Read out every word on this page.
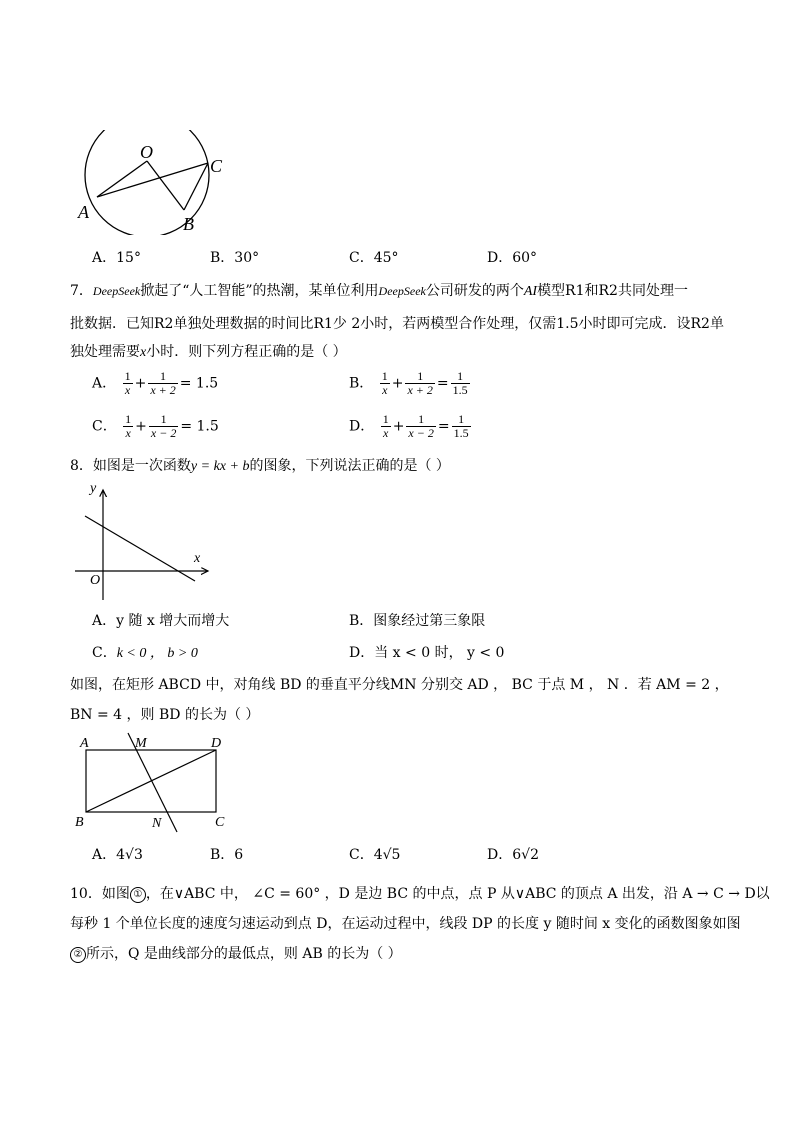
O
C
A
B
A．15°	B．30°	C．45°	D．60°
7．DeepSeek掀起了“人工智能”的热潮，某单位利用DeepSeek公司研发的两个AI模型R1和R2共同处理一
批数据．已知R2单独处理数据的时间比R1少 2小时，若两模型合作处理，仅需1.5小时即可完成．设R2单
独处理需要x小时．则下列方程正确的是（ ）
A． $\frac{1}{x} + \frac{1}{x + 2} = 1.5$	B． $\frac{1}{x} + \frac{1}{x + 2} = \frac{1}{1.5}$
C． $\frac{1}{x} + \frac{1}{x - 2} = 1.5$	D． $\frac{1}{x} + \frac{1}{x - 2} = \frac{1}{1.5}$
8．如图是一次函数y = kx + b的图象，下列说法正确的是（ ）
y
x
O
A．y 随 x 增大而增大	B．图象经过第三象限
C．k < 0 ， b > 0	D．当 x < 0 时， y < 0
如图，在矩形 ABCD 中，对角线 BD 的垂直平分线MN 分别交 AD ， BC 于点 M ， N ．若 AM = 2 ，
BN = 4 ，则 BD 的长为（ ）
A	M	D
B	N	C
A．4√3	B．6	C．4√5	D．6√2
10．如图 ① ，在∨ABC 中， ∠C = 60° ，D 是边 BC 的中点，点 P 从∨ABC 的顶点 A 出发，沿 A → C → D以
每秒 1 个单位长度的速度匀速运动到点 D，在运动过程中，线段 DP 的长度 y 随时间 x 变化的函数图象如图
② 所示，Q 是曲线部分的最低点，则 AB 的长为（ ）
